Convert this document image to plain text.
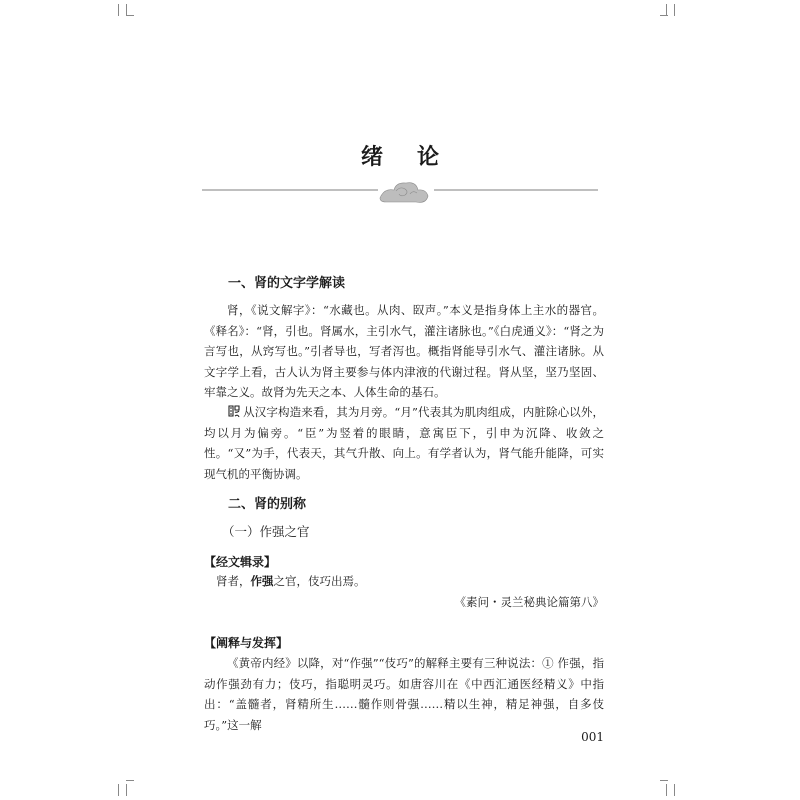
绪论
一、肾的文字学解读
肾，《说文解字》：“水藏也。从肉、臤声。”本义是指身体上主水的器官。《释名》：“肾，引也。肾属水，主引水气，灌注诸脉也。”《白虎通义》：“肾之为言写也，从窍写也。”引者导也，写者泻也。概指肾能导引水气、灌注诸脉。从文字学上看，古人认为肾主要参与体内津液的代谢过程。肾从坚，坚乃坚固、牢靠之义。故肾为先天之本、人体生命的基石。
从汉字构造来看，其为月旁。“月”代表其为肌肉组成，内脏除心以外，均以月为偏旁。“臣”为竖着的眼睛，意寓臣下，引申为沉降、收敛之性。“又”为手，代表天，其气升散、向上。有学者认为，肾气能升能降，可实现气机的平衡协调。
二、肾的别称
（一）作强之官
【经文辑录】
肾者，作强之官，伎巧出焉。
《素问・灵兰秘典论篇第八》
【阐释与发挥】
《黄帝内经》以降，对“作强”“伎巧”的解释主要有三种说法：① 作强，指动作强劲有力；伎巧，指聪明灵巧。如唐容川在《中西汇通医经精义》中指出：“盖髓者，肾精所生……髓作则骨强……精以生神，精足神强，自多伎巧。”这一解
001
